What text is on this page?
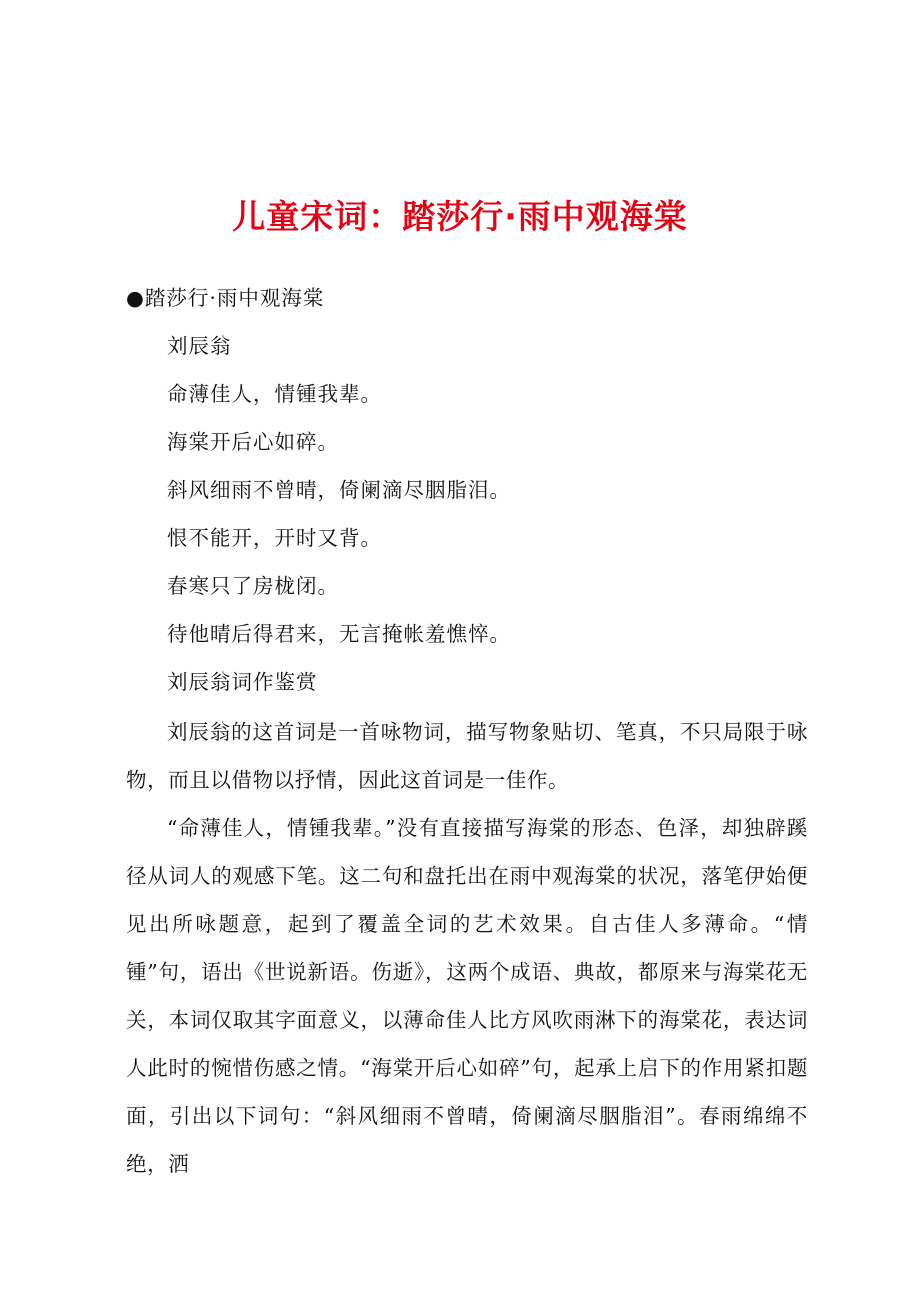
儿童宋词：踏莎行·雨中观海棠
●踏莎行·雨中观海棠
刘辰翁
命薄佳人，情锺我辈。
海棠开后心如碎。
斜风细雨不曾晴，倚阑滴尽胭脂泪。
恨不能开，开时又背。
春寒只了房栊闭。
待他晴后得君来，无言掩帐羞憔悴。
刘辰翁词作鉴赏
刘辰翁的这首词是一首咏物词，描写物象贴切、笔真，不只局限于咏物，而且以借物以抒情，因此这首词是一佳作。
“命薄佳人，情锺我辈。”没有直接描写海棠的形态、色泽，却独辟蹊径从词人的观感下笔。这二句和盘托出在雨中观海棠的状况，落笔伊始便见出所咏题意，起到了覆盖全词的艺术效果。自古佳人多薄命。“情锺”句，语出《世说新语。伤逝》，这两个成语、典故，都原来与海棠花无关，本词仅取其字面意义，以薄命佳人比方风吹雨淋下的海棠花，表达词人此时的惋惜伤感之情。“海棠开后心如碎”句，起承上启下的作用紧扣题面，引出以下词句：“斜风细雨不曾晴，倚阑滴尽胭脂泪”。春雨绵绵不绝，洒
